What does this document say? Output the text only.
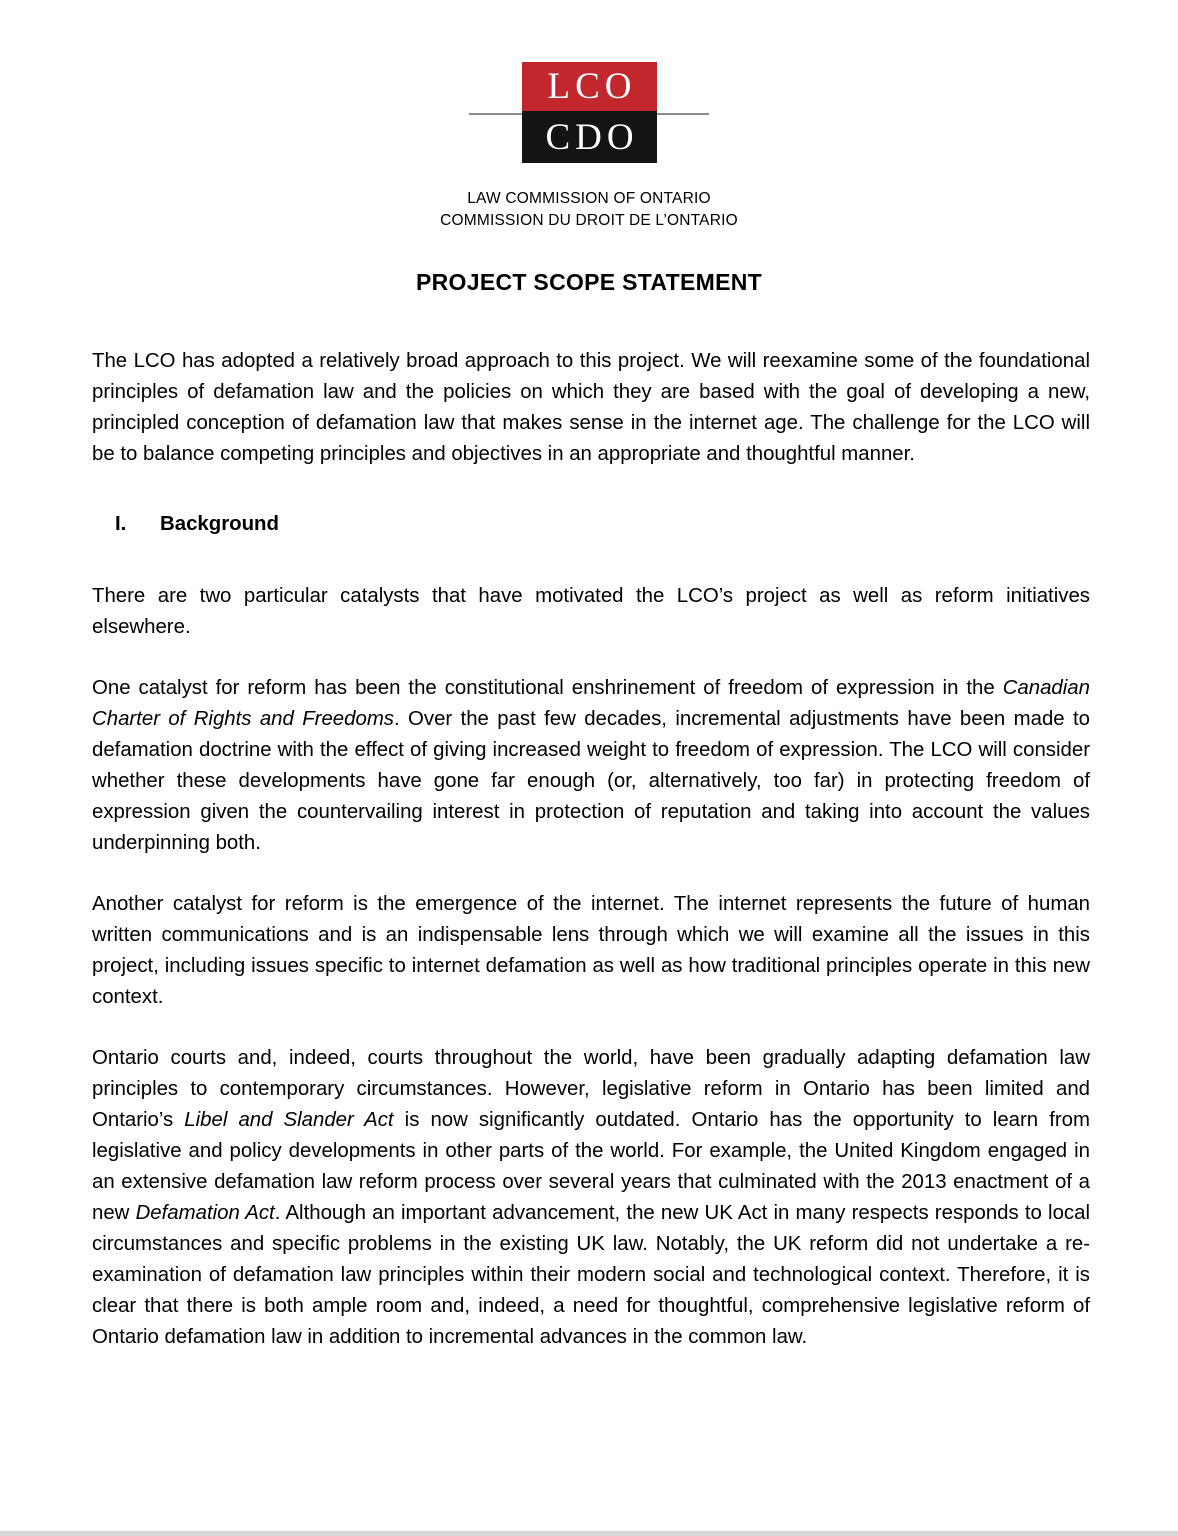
LCO
CDO
LAW COMMISSION OF ONTARIO
COMMISSION DU DROIT DE L’ONTARIO
PROJECT SCOPE STATEMENT

The LCO has adopted a relatively broad approach to this project. We will reexamine some of the foundational principles of defamation law and the policies on which they are based with the goal of developing a new, principled conception of defamation law that makes sense in the internet age. The challenge for the LCO will be to balance competing principles and objectives in an appropriate and thoughtful manner.

I.	Background

There are two particular catalysts that have motivated the LCO’s project as well as reform initiatives elsewhere.

One catalyst for reform has been the constitutional enshrinement of freedom of expression in the Canadian Charter of Rights and Freedoms. Over the past few decades, incremental adjustments have been made to defamation doctrine with the effect of giving increased weight to freedom of expression. The LCO will consider whether these developments have gone far enough (or, alternatively, too far) in protecting freedom of expression given the countervailing interest in protection of reputation and taking into account the values underpinning both.

Another catalyst for reform is the emergence of the internet. The internet represents the future of human written communications and is an indispensable lens through which we will examine all the issues in this project, including issues specific to internet defamation as well as how traditional principles operate in this new context.

Ontario courts and, indeed, courts throughout the world, have been gradually adapting defamation law principles to contemporary circumstances. However, legislative reform in Ontario has been limited and Ontario’s Libel and Slander Act is now significantly outdated. Ontario has the opportunity to learn from legislative and policy developments in other parts of the world. For example, the United Kingdom engaged in an extensive defamation law reform process over several years that culminated with the 2013 enactment of a new Defamation Act. Although an important advancement, the new UK Act in many respects responds to local circumstances and specific problems in the existing UK law. Notably, the UK reform did not undertake a re-examination of defamation law principles within their modern social and technological context. Therefore, it is clear that there is both ample room and, indeed, a need for thoughtful, comprehensive legislative reform of Ontario defamation law in addition to incremental advances in the common law.
